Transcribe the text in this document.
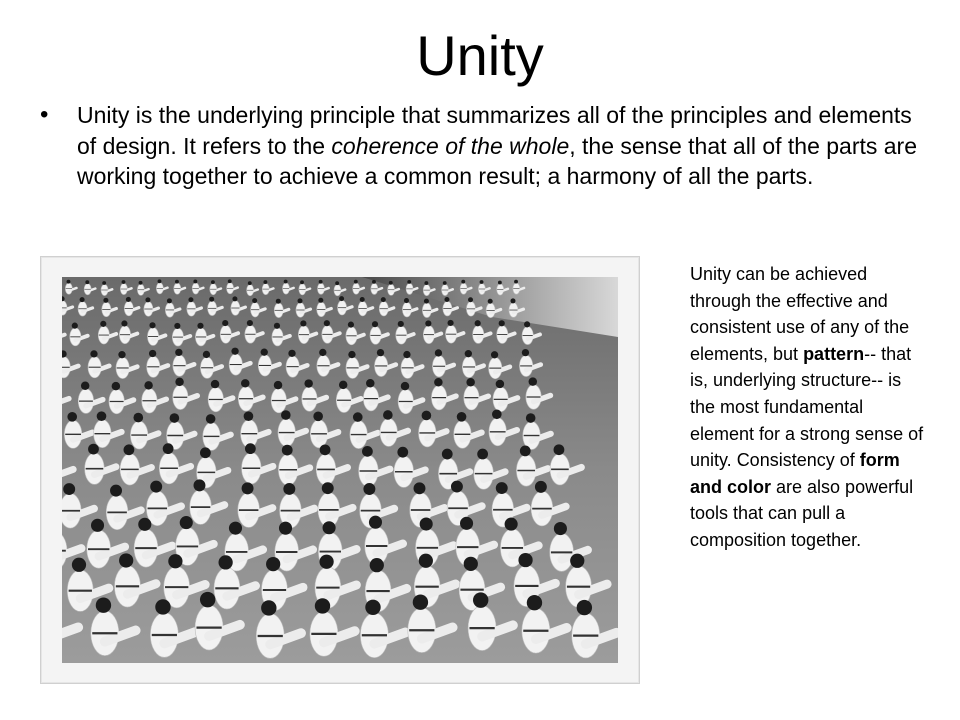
Unity
•	Unity is the underlying principle that summarizes all of the principles and elements of design. It refers to the coherence of the whole, the sense that all of the parts are working together to achieve a common result; a harmony of all the parts.

Unity can be achieved through the effective and consistent use of any of the elements, but pattern-- that is, underlying structure-- is the most fundamental element for a strong sense of unity. Consistency of form and color are also powerful tools that can pull a composition together.
